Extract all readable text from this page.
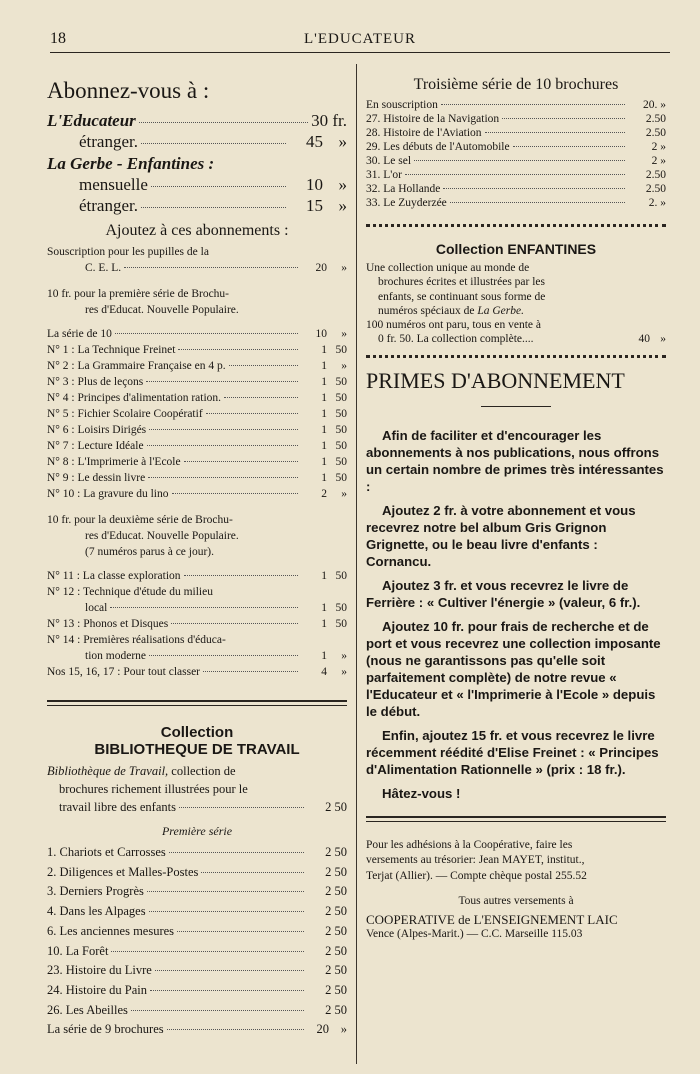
18	L'EDUCATEUR
Abonnez-vous à :
L'Educateur	30 fr.
étranger.	45 »
La Gerbe - Enfantines :
mensuelle	10 »
étranger.	15 »
Ajoutez à ces abonnements :
Souscription pour les pupilles de la
C. E. L.	20	»
10 fr. pour la première série de Brochu-
res d'Educat. Nouvelle Populaire.
La série de 10	10	»
N° 1 : La Technique Freinet	1 50
N° 2 : La Grammaire Française en 4 p.	1	»
N° 3 : Plus de leçons	1 50
N° 4 : Principes d'alimentation ration.	1 50
N° 5 : Fichier Scolaire Coopératif	1 50
N° 6 : Loisirs Dirigés	1 50
N° 7 : Lecture Idéale	1 50
N° 8 : L'Imprimerie à l'Ecole	1 50
N° 9 : Le dessin livre	1 50
N° 10 : La gravure du lino	2	»
10 fr. pour la deuxième série de Brochu-
res d'Educat. Nouvelle Populaire.
(7 numéros parus à ce jour).
N° 11 : La classe exploration	1 50
N° 12 : Technique d'étude du milieu
local	1 50
N° 13 : Phonos et Disques	1 50
N° 14 : Premières réalisations d'éduca-
tion moderne	1	»
Nos 15, 16, 17 : Pour tout classer	4	»
Collection
BIBLIOTHEQUE DE TRAVAIL
Bibliothèque de Travail, collection de
brochures richement illustrées pour le
travail libre des enfants	2 50
Première série
1. Chariots et Carrosses	2 50
2. Diligences et Malles-Postes	2 50
3. Derniers Progrès	2 50
4. Dans les Alpages	2 50
6. Les anciennes mesures	2 50
10. La Forêt	2 50
23. Histoire du Livre	2 50
24. Histoire du Pain	2 50
26. Les Abeilles	2 50
La série de 9 brochures	20 »
Troisième série de 10 brochures
En souscription	20. »
27. Histoire de la Navigation	2.50
28. Histoire de l'Aviation	2.50
29. Les débuts de l'Automobile	2 »
30. Le sel	2 »
31. L'or	2.50
32. La Hollande	2.50
33. Le Zuyderzée	2. »
Collection ENFANTINES
Une collection unique au monde de
brochures écrites et illustrées par les
enfants, se continuant sous forme de
numéros spéciaux de La Gerbe.
100 numéros ont paru, tous en vente à
0 fr. 50. La collection complète....	40 »
PRIMES D'ABONNEMENT

Afin de faciliter et d'encourager les abonnements à nos publications, nous offrons un certain nombre de primes très intéressantes :

Ajoutez 2 fr. à votre abonnement et vous recevrez notre bel album Gris Grignon Grignette, ou le beau livre d'enfants : Cornancu.

Ajoutez 3 fr. et vous recevrez le livre de Ferrière : « Cultiver l'énergie » (valeur, 6 fr.).

Ajoutez 10 fr. pour frais de recherche et de port et vous recevrez une collection imposante (nous ne garantissons pas qu'elle soit parfaitement complète) de notre revue « l'Educateur et « l'Imprimerie à l'Ecole » depuis le début.

Enfin, ajoutez 15 fr. et vous recevrez le livre récemment réédité d'Elise Freinet : « Principes d'Alimentation Rationnelle » (prix : 18 fr.).

Hâtez-vous !

Pour les adhésions à la Coopérative, faire les
versements au trésorier: Jean MAYET, institut.,
Terjat (Allier). — Compte chèque postal 255.52
Tous autres versements à
COOPERATIVE de L'ENSEIGNEMENT LAIC
Vence (Alpes-Marit.) — C.C. Marseille 115.03
